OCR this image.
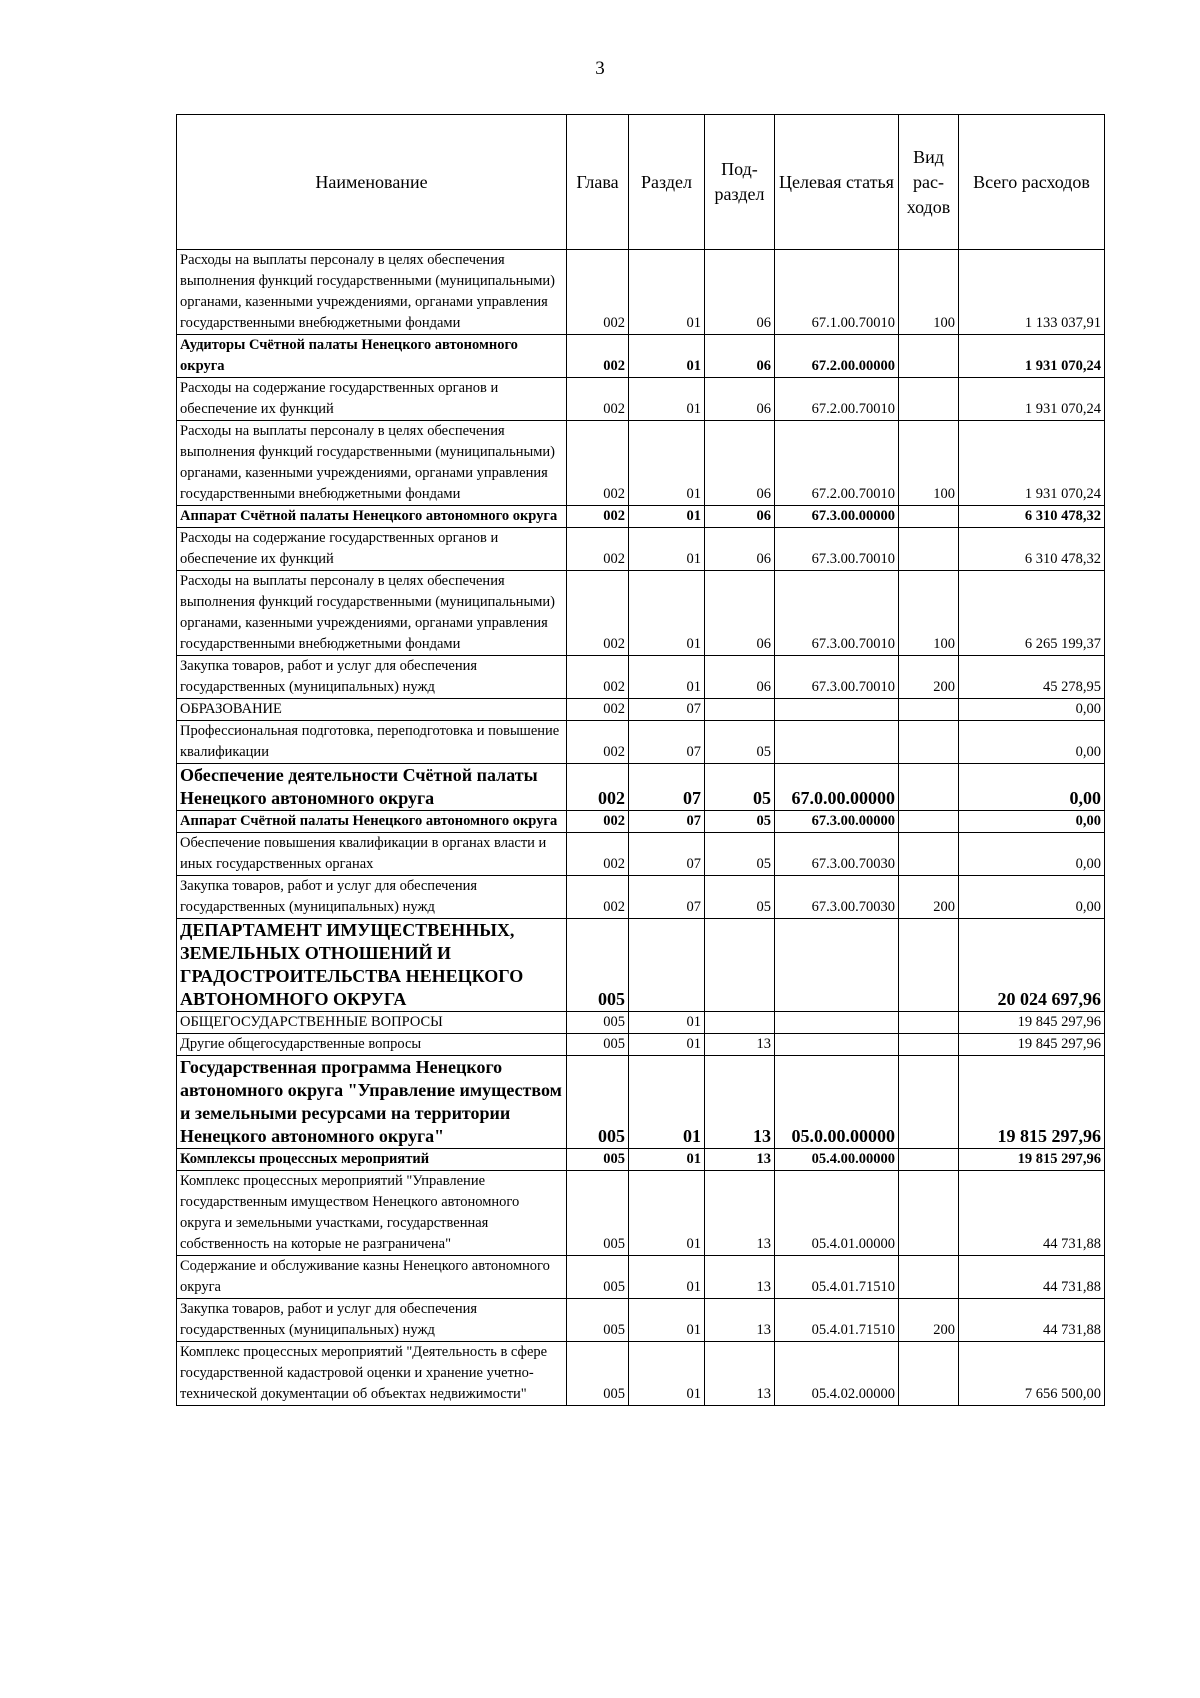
3
Наименование	Глава	Раздел	Под-раздел	Целевая статья	Вид рас-ходов	Всего расходов
Расходы на выплаты персоналу в целях обеспечения выполнения функций государственными (муниципальными) органами, казенными учреждениями, органами управления государственными внебюджетными фондами	002	01	06	67.1.00.70010	100	1 133 037,91
Аудиторы Счётной палаты Ненецкого автономного округа	002	01	06	67.2.00.00000		1 931 070,24
Расходы на содержание государственных органов и обеспечение их функций	002	01	06	67.2.00.70010		1 931 070,24
Расходы на выплаты персоналу в целях обеспечения выполнения функций государственными (муниципальными) органами, казенными учреждениями, органами управления государственными внебюджетными фондами	002	01	06	67.2.00.70010	100	1 931 070,24
Аппарат Счётной палаты Ненецкого автономного округа	002	01	06	67.3.00.00000		6 310 478,32
Расходы на содержание государственных органов и обеспечение их функций	002	01	06	67.3.00.70010		6 310 478,32
Расходы на выплаты персоналу в целях обеспечения выполнения функций государственными (муниципальными) органами, казенными учреждениями, органами управления государственными внебюджетными фондами	002	01	06	67.3.00.70010	100	6 265 199,37
Закупка товаров, работ и услуг для обеспечения государственных (муниципальных) нужд	002	01	06	67.3.00.70010	200	45 278,95
ОБРАЗОВАНИЕ	002	07				0,00
Профессиональная подготовка, переподготовка и повышение квалификации	002	07	05			0,00
Обеспечение деятельности Счётной палаты Ненецкого автономного округа	002	07	05	67.0.00.00000		0,00
Аппарат Счётной палаты Ненецкого автономного округа	002	07	05	67.3.00.00000		0,00
Обеспечение повышения квалификации в органах власти и иных государственных органах	002	07	05	67.3.00.70030		0,00
Закупка товаров, работ и услуг для обеспечения государственных (муниципальных) нужд	002	07	05	67.3.00.70030	200	0,00
ДЕПАРТАМЕНТ ИМУЩЕСТВЕННЫХ, ЗЕМЕЛЬНЫХ ОТНОШЕНИЙ И ГРАДОСТРОИТЕЛЬСТВА НЕНЕЦКОГО АВТОНОМНОГО ОКРУГА	005					20 024 697,96
ОБЩЕГОСУДАРСТВЕННЫЕ ВОПРОСЫ	005	01				19 845 297,96
Другие общегосударственные вопросы	005	01	13			19 845 297,96
Государственная программа Ненецкого автономного округа "Управление имуществом и земельными ресурсами на территории Ненецкого автономного округа"	005	01	13	05.0.00.00000		19 815 297,96
Комплексы процессных мероприятий	005	01	13	05.4.00.00000		19 815 297,96
Комплекс процессных мероприятий "Управление государственным имуществом Ненецкого автономного округа и земельными участками, государственная собственность на которые не разграничена"	005	01	13	05.4.01.00000		44 731,88
Содержание и обслуживание казны Ненецкого автономного округа	005	01	13	05.4.01.71510		44 731,88
Закупка товаров, работ и услуг для обеспечения государственных (муниципальных) нужд	005	01	13	05.4.01.71510	200	44 731,88
Комплекс процессных мероприятий "Деятельность в сфере государственной кадастровой оценки и хранение учетно-технической документации об объектах недвижимости"	005	01	13	05.4.02.00000		7 656 500,00
